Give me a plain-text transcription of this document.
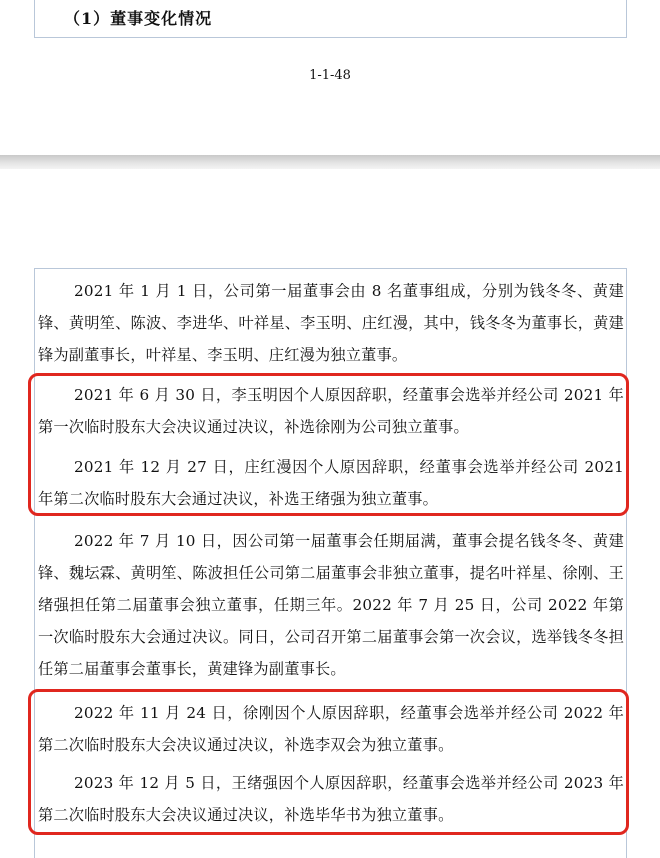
（1）董事变化情况
1-1-48
2021 年 1 月 1 日，公司第一届董事会由 8 名董事组成，分别为钱冬冬、黄建锋、黄明笙、陈波、李进华、叶祥星、李玉明、庄红漫，其中，钱冬冬为董事长，黄建锋为副董事长，叶祥星、李玉明、庄红漫为独立董事。
2021 年 6 月 30 日，李玉明因个人原因辞职，经董事会选举并经公司 2021 年第一次临时股东大会决议通过决议，补选徐刚为公司独立董事。
2021 年 12 月 27 日，庄红漫因个人原因辞职，经董事会选举并经公司 2021 年第二次临时股东大会通过决议，补选王绪强为独立董事。
2022 年 7 月 10 日，因公司第一届董事会任期届满，董事会提名钱冬冬、黄建锋、魏坛霖、黄明笙、陈波担任公司第二届董事会非独立董事，提名叶祥星、徐刚、王绪强担任第二届董事会独立董事，任期三年。2022 年 7 月 25 日，公司 2022 年第一次临时股东大会通过决议。同日，公司召开第二届董事会第一次会议，选举钱冬冬担任第二届董事会董事长，黄建锋为副董事长。
2022 年 11 月 24 日，徐刚因个人原因辞职，经董事会选举并经公司 2022 年第二次临时股东大会决议通过决议，补选李双会为独立董事。
2023 年 12 月 5 日，王绪强因个人原因辞职，经董事会选举并经公司 2023 年第二次临时股东大会决议通过决议，补选毕华书为独立董事。
